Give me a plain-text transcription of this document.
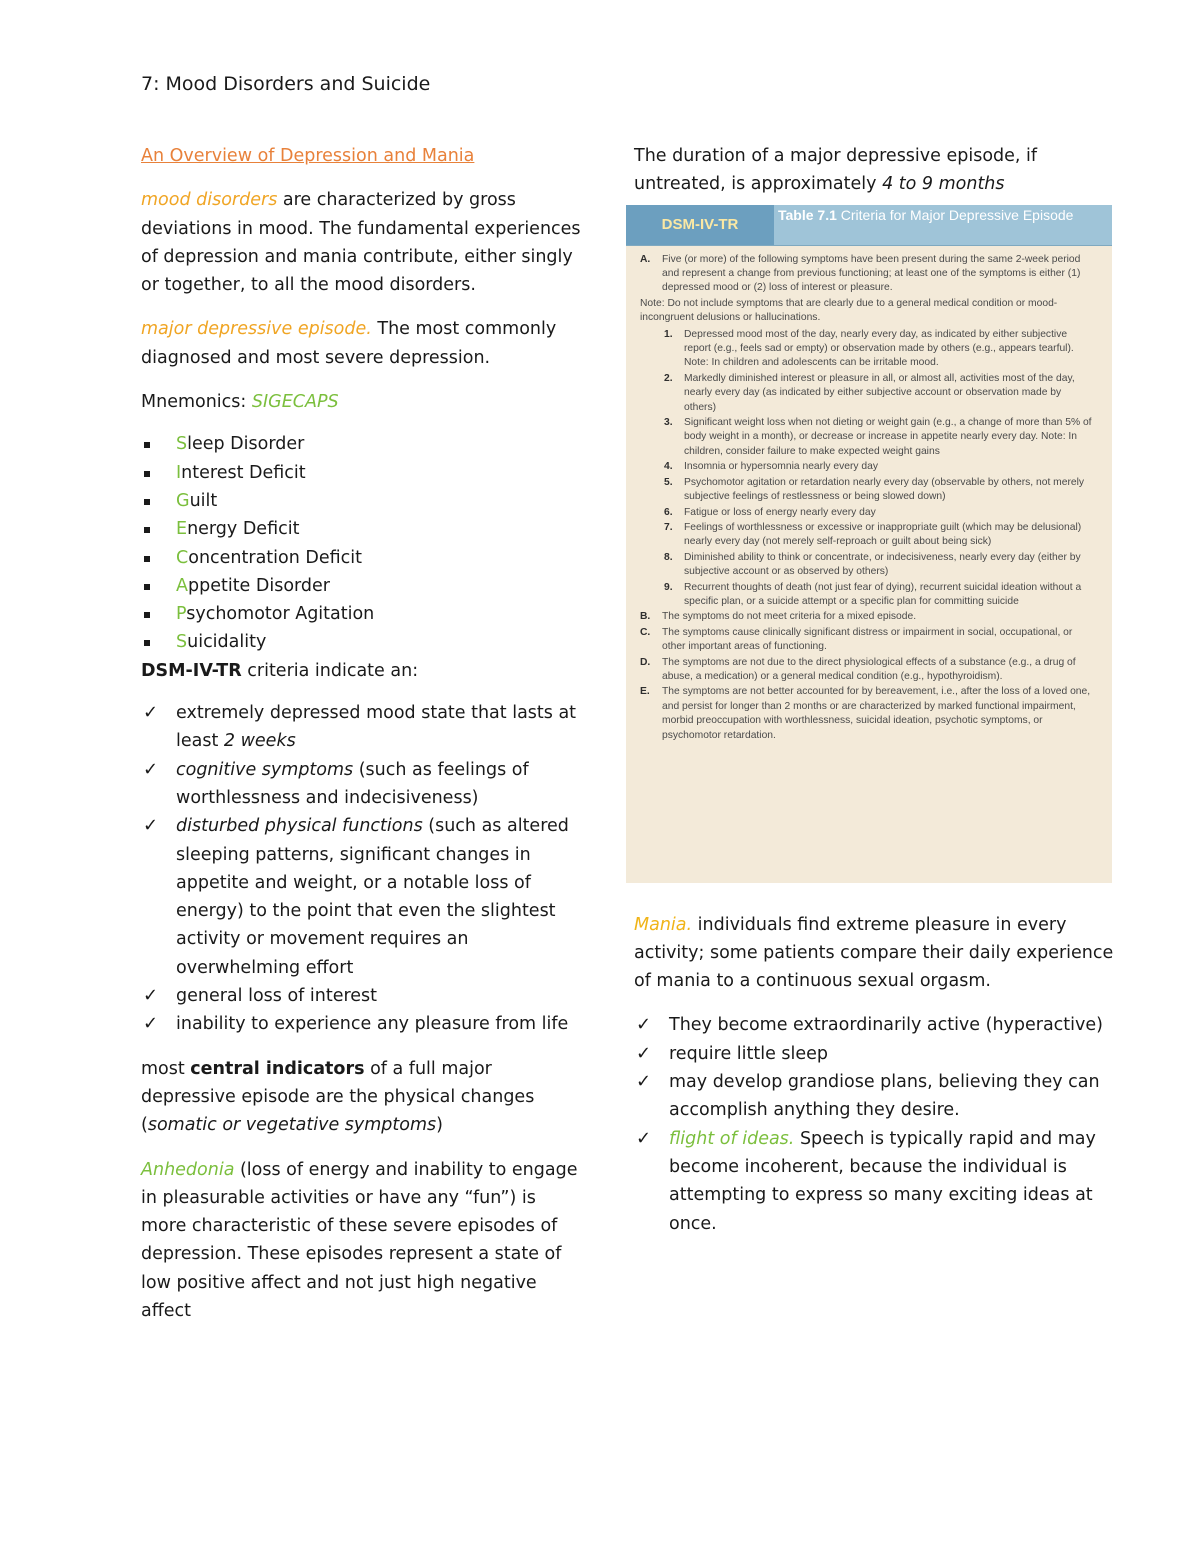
7: Mood Disorders and Suicide

An Overview of Depression and Mania

mood disorders are characterized by gross deviations in mood. The fundamental experiences of depression and mania contribute, either singly or together, to all the mood disorders.

major depressive episode. The most commonly diagnosed and most severe depression.

Mnemonics: SIGECAPS

Sleep Disorder
Interest Deficit
Guilt
Energy Deficit
Concentration Deficit
Appetite Disorder
Psychomotor Agitation
Suicidality

DSM-IV-TR criteria indicate an:

✓ extremely depressed mood state that lasts at least 2 weeks
✓ cognitive symptoms (such as feelings of worthlessness and indecisiveness)
✓ disturbed physical functions (such as altered sleeping patterns, significant changes in appetite and weight, or a notable loss of energy) to the point that even the slightest activity or movement requires an overwhelming effort
✓ general loss of interest
✓ inability to experience any pleasure from life

most central indicators of a full major depressive episode are the physical changes (somatic or vegetative symptoms)

Anhedonia (loss of energy and inability to engage in pleasurable activities or have any “fun”) is more characteristic of these severe episodes of depression. These episodes represent a state of low positive affect and not just high negative affect

The duration of a major depressive episode, if untreated, is approximately 4 to 9 months

DSM-IV-TR
Table 7.1 Criteria for Major Depressive Episode
A. Five (or more) of the following symptoms have been present during the same 2-week period and represent a change from previous functioning; at least one of the symptoms is either (1) depressed mood or (2) loss of interest or pleasure.
Note: Do not include symptoms that are clearly due to a general medical condition or mood-incongruent delusions or hallucinations.
1. Depressed mood most of the day, nearly every day, as indicated by either subjective report (e.g., feels sad or empty) or observation made by others (e.g., appears tearful). Note: In children and adolescents can be irritable mood.
2. Markedly diminished interest or pleasure in all, or almost all, activities most of the day, nearly every day (as indicated by either subjective account or observation made by others)
3. Significant weight loss when not dieting or weight gain (e.g., a change of more than 5% of body weight in a month), or decrease or increase in appetite nearly every day. Note: In children, consider failure to make expected weight gains
4. Insomnia or hypersomnia nearly every day
5. Psychomotor agitation or retardation nearly every day (observable by others, not merely subjective feelings of restlessness or being slowed down)
6. Fatigue or loss of energy nearly every day
7. Feelings of worthlessness or excessive or inappropriate guilt (which may be delusional) nearly every day (not merely self-reproach or guilt about being sick)
8. Diminished ability to think or concentrate, or indecisiveness, nearly every day (either by subjective account or as observed by others)
9. Recurrent thoughts of death (not just fear of dying), recurrent suicidal ideation without a specific plan, or a suicide attempt or a specific plan for committing suicide
B. The symptoms do not meet criteria for a mixed episode.
C. The symptoms cause clinically significant distress or impairment in social, occupational, or other important areas of functioning.
D. The symptoms are not due to the direct physiological effects of a substance (e.g., a drug of abuse, a medication) or a general medical condition (e.g., hypothyroidism).
E. The symptoms are not better accounted for by bereavement, i.e., after the loss of a loved one, and persist for longer than 2 months or are characterized by marked functional impairment, morbid preoccupation with worthlessness, suicidal ideation, psychotic symptoms, or psychomotor retardation.

Mania. individuals find extreme pleasure in every activity; some patients compare their daily experience of mania to a continuous sexual orgasm.

✓ They become extraordinarily active (hyperactive)
✓ require little sleep
✓ may develop grandiose plans, believing they can accomplish anything they desire.
✓ flight of ideas. Speech is typically rapid and may become incoherent, because the individual is attempting to express so many exciting ideas at once.
